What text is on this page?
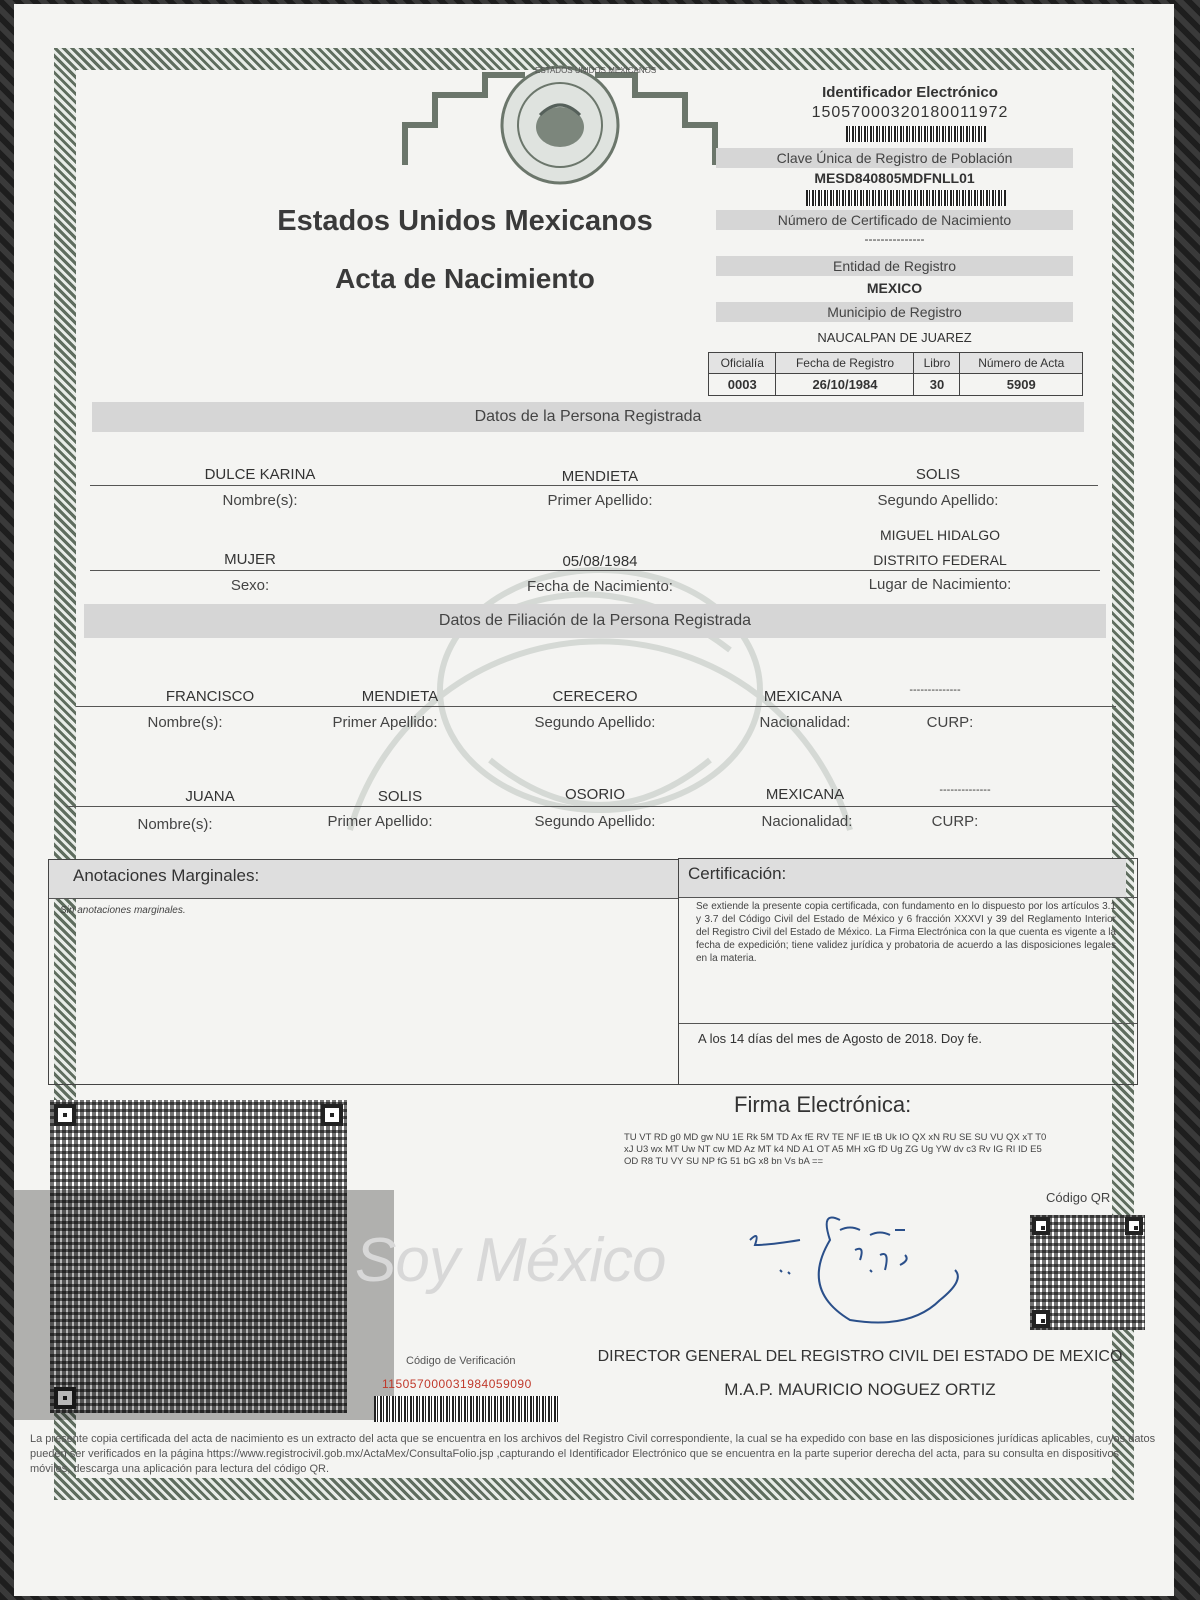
ESTADOS UNIDOS MEXICANOS
Estados Unidos Mexicanos
Acta de Nacimiento
Identificador Electrónico
15057000320180011972
Clave Única de Registro de Población
MESD840805MDFNLL01
Número de Certificado de Nacimiento
---------------
Entidad de Registro
MEXICO
Municipio de Registro
NAUCALPAN DE JUAREZ
Oficialía	Fecha de Registro	Libro	Número de Acta
0003	26/10/1984	30	5909
Datos de la Persona Registrada
DULCE KARINA	MENDIETA	SOLIS
Nombre(s):	Primer Apellido:	Segundo Apellido:
MIGUEL HIDALGO
MUJER	05/08/1984	DISTRITO FEDERAL
Sexo:	Fecha de Nacimiento:	Lugar de Nacimiento:
Datos de Filiación de la Persona Registrada
FRANCISCO	MENDIETA	CERECERO	MEXICANA	--------------
Nombre(s):	Primer Apellido:	Segundo Apellido:	Nacionalidad:	CURP:
JUANA	SOLIS	OSORIO	MEXICANA	--------------
Nombre(s):	Primer Apellido:	Segundo Apellido:	Nacionalidad:	CURP:
Anotaciones Marginales:
Sin anotaciones marginales.
Certificación:
Se extiende la presente copia certificada, con fundamento en lo dispuesto por los artículos 3.1 y 3.7 del Código Civil del Estado de México y 6 fracción XXXVI y 39 del Reglamento Interior del Registro Civil del Estado de México. La Firma Electrónica con la que cuenta es vigente a la fecha de expedición; tiene validez jurídica y probatoria de acuerdo a las disposiciones legales en la materia.
A los 14 días del mes de Agosto de 2018. Doy fe.
Soy México
Firma Electrónica:
TU VT RD g0 MD gw NU 1E Rk 5M TD Ax fE RV TE NF IE tB Uk IO QX xN RU SE SU VU QX xT T0 xJ U3 wx MT Uw NT cw MD Az MT k4 ND A1 OT A5 MH xG fD Ug ZG Ug YW dv c3 Rv IG RI ID E5 OD R8 TU VY SU NP fG 51 bG x8 bn Vs bA ==
Código QR
Código de Verificación
115057000031984059090
DIRECTOR GENERAL DEL REGISTRO CIVIL DEI ESTADO DE MEXICO
M.A.P. MAURICIO NOGUEZ ORTIZ
La presente copia certificada del acta de nacimiento es un extracto del acta que se encuentra en los archivos del Registro Civil correspondiente, la cual se ha expedido con base en las disposiciones jurídicas aplicables, cuyos datos pueden ser verificados en la página https://www.registrocivil.gob.mx/ActaMex/ConsultaFolio.jsp ,capturando el Identificador Electrónico que se encuentra en la parte superior derecha del acta, para su consulta en dispositivos móviles, descarga una aplicación para lectura del código QR.
